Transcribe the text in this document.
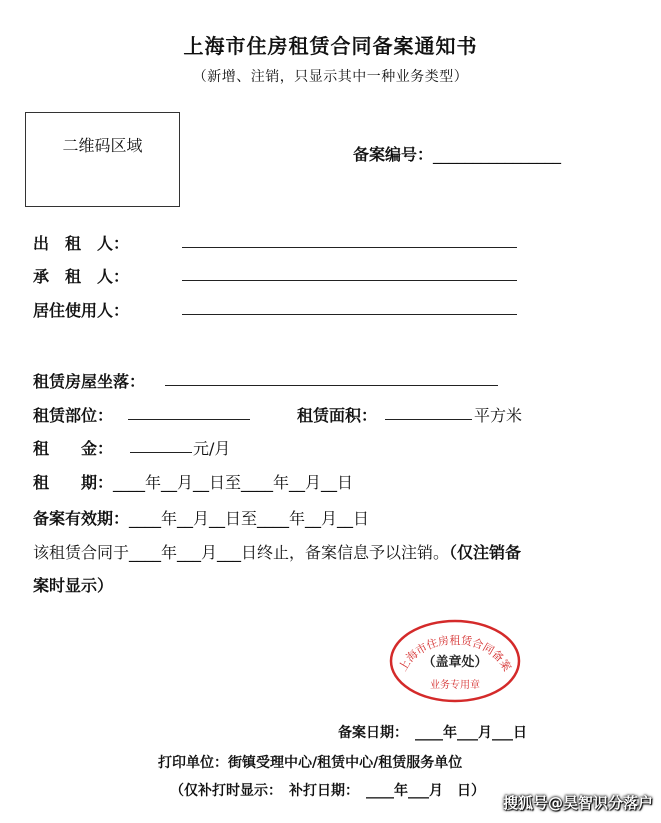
上海市住房租赁合同备案通知书
（新增、注销，只显示其中一种业务类型）
二维码区域	备案编号：________________
出　租　人：
承　租　人：
居住使用人：
租赁房屋坐落：
租赁部位：	租赁面积：	平方米
租　　金：	元/月
租　　期：____年__月__日至____年__月__日
备案有效期：____年__月__日至____年__月__日
该租赁合同于____年___月___日终止，备案信息予以注销。（仅注销备
案时显示）
上海市住房租赁合同备案
（盖章处）
业务专用章
备案日期：　____年___月___日
打印单位：街镇受理中心/租赁中心/租赁服务单位
（仅补打时显示：　补打日期：　____年___月　日）
搜狐号@昊智识分落户
